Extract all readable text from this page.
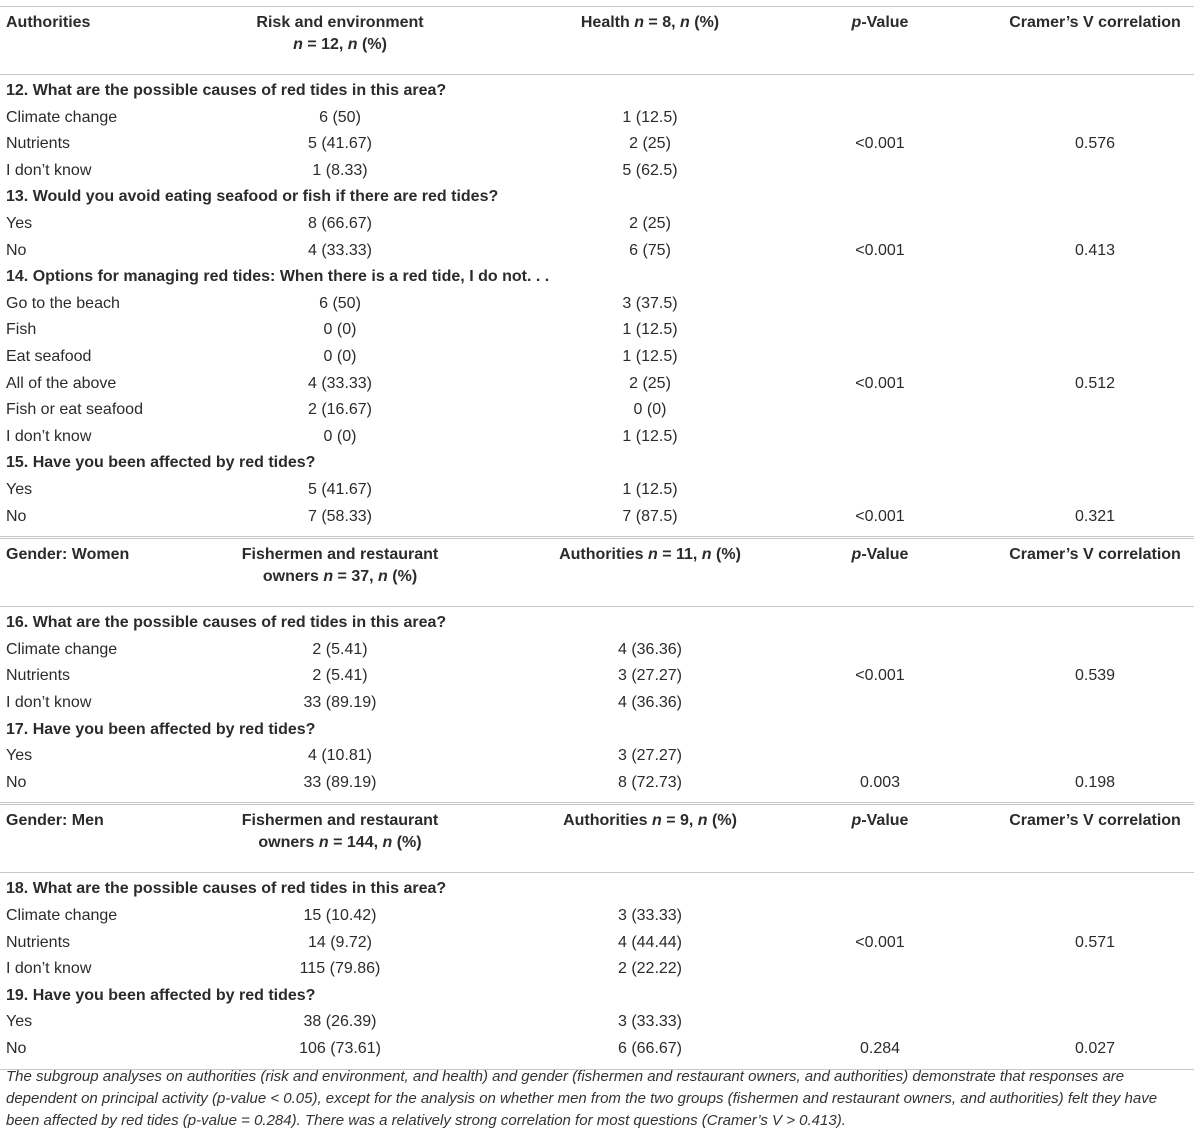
Authorities	Risk and environment
n = 12, n (%)
Health n = 8, n (%)	p-Value	Cramer’s V correlation
12. What are the possible causes of red tides in this area?
Climate change	6 (50)	1 (12.5)
Nutrients	5 (41.67)	2 (25)	<0.001	0.576
I don’t know	1 (8.33)	5 (62.5)
13. Would you avoid eating seafood or fish if there are red tides?
Yes	8 (66.67)	2 (25)
No	4 (33.33)	6 (75)	<0.001	0.413
14. Options for managing red tides: When there is a red tide, I do not. . .
Go to the beach	6 (50)	3 (37.5)
Fish	0 (0)	1 (12.5)
Eat seafood	0 (0)	1 (12.5)
All of the above	4 (33.33)	2 (25)	<0.001	0.512
Fish or eat seafood	2 (16.67)	0 (0)
I don’t know	0 (0)	1 (12.5)
15. Have you been affected by red tides?
Yes	5 (41.67)	1 (12.5)
No	7 (58.33)	7 (87.5)	<0.001	0.321
Gender: Women	Fishermen and restaurant
owners n = 37, n (%)
Authorities n = 11, n (%)	p-Value	Cramer’s V correlation
16. What are the possible causes of red tides in this area?
Climate change	2 (5.41)	4 (36.36)
Nutrients	2 (5.41)	3 (27.27)	<0.001	0.539
I don’t know	33 (89.19)	4 (36.36)
17. Have you been affected by red tides?
Yes	4 (10.81)	3 (27.27)
No	33 (89.19)	8 (72.73)	0.003	0.198
Gender: Men	Fishermen and restaurant
owners n = 144, n (%)
Authorities n = 9, n (%)	p-Value	Cramer’s V correlation
18. What are the possible causes of red tides in this area?
Climate change	15 (10.42)	3 (33.33)
Nutrients	14 (9.72)	4 (44.44)	<0.001	0.571
I don’t know	115 (79.86)	2 (22.22)
19. Have you been affected by red tides?
Yes	38 (26.39)	3 (33.33)
No	106 (73.61)	6 (66.67)	0.284	0.027
The subgroup analyses on authorities (risk and environment, and health) and gender (fishermen and restaurant owners, and authorities) demonstrate that responses are dependent on principal activity (p-value < 0.05), except for the analysis on whether men from the two groups (fishermen and restaurant owners, and authorities) felt they have been affected by red tides (p-value = 0.284). There was a relatively strong correlation for most questions (Cramer’s V > 0.413).
